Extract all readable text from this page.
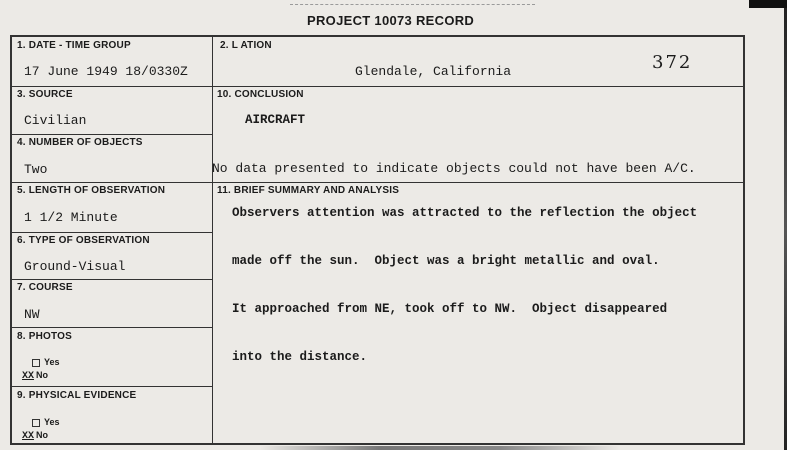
PROJECT 10073 RECORD
1. DATE - TIME GROUP
17 June 1949 18/0330Z
2. L ATION
Glendale, California
3. SOURCE
Civilian
10. CONCLUSION
AIRCRAFT
4. NUMBER OF OBJECTS
Two	No data presented to indicate objects could not have been A/C.
5. LENGTH OF OBSERVATION
1 1/2 Minute
11. BRIEF SUMMARY AND ANALYSIS
6. TYPE OF OBSERVATION
Ground-Visual
7. COURSE
NW
8. PHOTOS
Yes
XX No
9. PHYSICAL EVIDENCE
Yes
XX No

Observers attention was attracted to the reflection the object

made off the sun.  Object was a bright metallic and oval.

It approached from NE, took off to NW.  Object disappeared

into the distance.

372
